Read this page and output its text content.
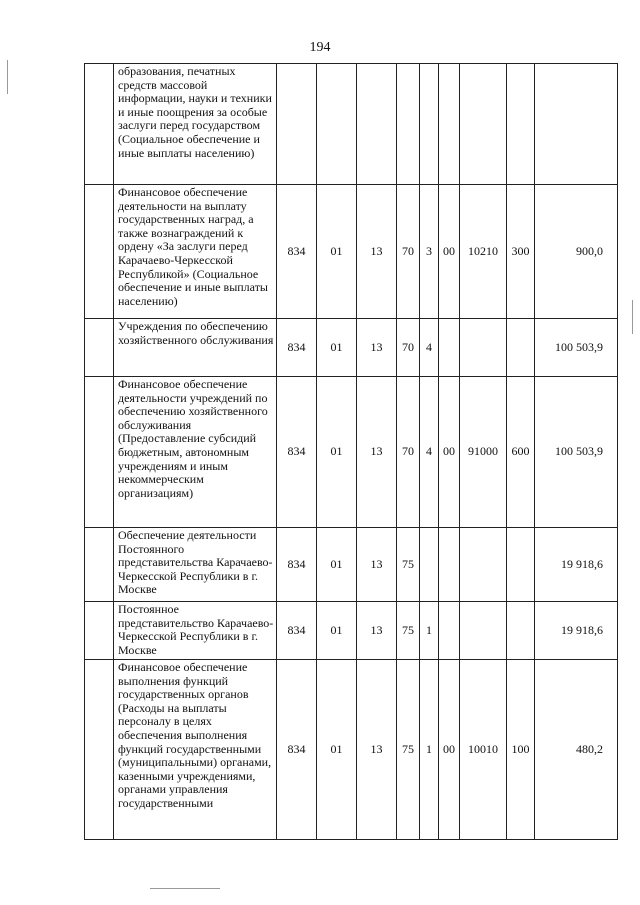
194
	образования, печатных средств массовой информации, науки и техники и иные поощрения за особые заслуги перед государством (Социальное обеспечение и иные выплаты населению)									
	Финансовое обеспечение деятельности на выплату государственных наград, а также вознаграждений к ордену «За заслуги перед Карачаево-Черкесской Республикой» (Социальное обеспечение и иные выплаты населению)	834	01	13	70	3	00	10210	300	900,0
	Учреждения по обеспечению хозяйственного обслуживания	834	01	13	70	4				100 503,9
	Финансовое обеспечение деятельности учреждений по обеспечению хозяйственного обслуживания (Предоставление субсидий бюджетным, автономным учреждениям и иным некоммерческим организациям)	834	01	13	70	4	00	91000	600	100 503,9
	Обеспечение деятельности Постоянного представительства Карачаево-Черкесской Республики в г. Москве	834	01	13	75					19 918,6
	Постоянное представительство Карачаево-Черкесской Республики в г. Москве	834	01	13	75	1				19 918,6
	Финансовое обеспечение выполнения функций государственных органов (Расходы на выплаты персоналу в целях обеспечения выполнения функций государственными (муниципальными) органами, казенными учреждениями, органами управления государственными	834	01	13	75	1	00	10010	100	480,2
